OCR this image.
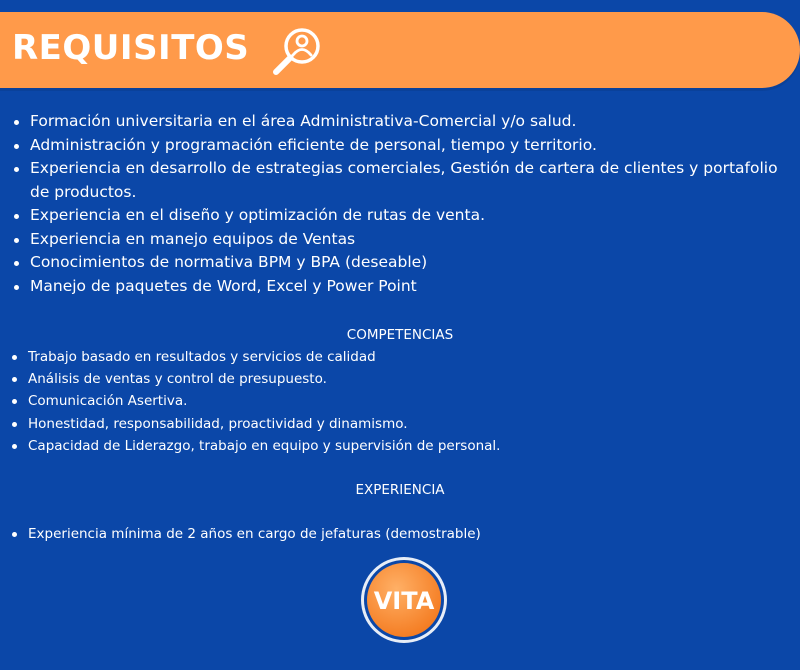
REQUISITOS
Formación universitaria en el área Administrativa-Comercial y/o salud.
Administración y programación eficiente de personal, tiempo y territorio.
Experiencia en desarrollo de estrategias comerciales, Gestión de cartera de clientes y portafolio de productos.
Experiencia en el diseño y optimización de rutas de venta.
Experiencia en manejo equipos de Ventas
Conocimientos de normativa BPM y BPA (deseable)
Manejo de paquetes de Word, Excel y Power Point
COMPETENCIAS
Trabajo basado en resultados y servicios de calidad
Análisis de ventas y control de presupuesto.
Comunicación Asertiva.
Honestidad, responsabilidad, proactividad y dinamismo.
Capacidad de Liderazgo, trabajo en equipo y supervisión de personal.
EXPERIENCIA
Experiencia mínima de 2 años en cargo de jefaturas (demostrable)
VITA
